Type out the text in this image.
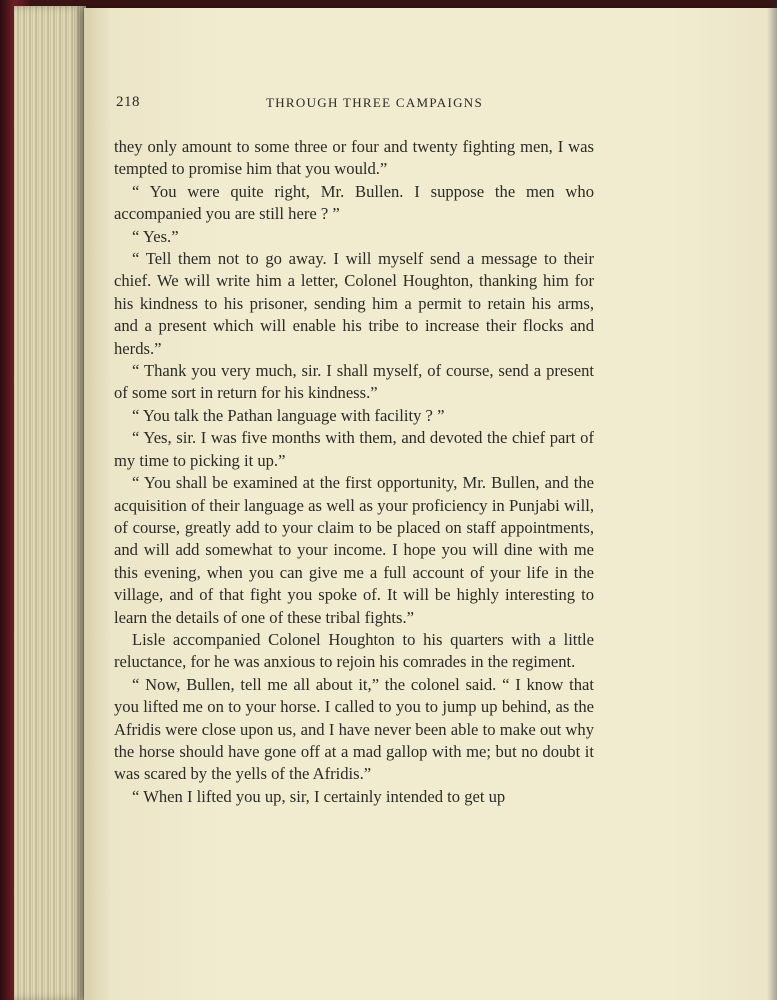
218	THROUGH THREE CAMPAIGNS

they only amount to some three or four and twenty fighting men, I was tempted to promise him that you would.”

“ You were quite right, Mr. Bullen. I suppose the men who accompanied you are still here ? ”

“ Yes.”

“ Tell them not to go away. I will myself send a message to their chief. We will write him a letter, Colonel Houghton, thanking him for his kindness to his prisoner, sending him a permit to retain his arms, and a present which will enable his tribe to increase their flocks and herds.”

“ Thank you very much, sir. I shall myself, of course, send a present of some sort in return for his kindness.”

“ You talk the Pathan language with facility ? ”

“ Yes, sir. I was five months with them, and devoted the chief part of my time to picking it up.”

“ You shall be examined at the first opportunity, Mr. Bullen, and the acquisition of their language as well as your proficiency in Punjabi will, of course, greatly add to your claim to be placed on staff appointments, and will add somewhat to your income. I hope you will dine with me this evening, when you can give me a full account of your life in the village, and of that fight you spoke of. It will be highly interesting to learn the details of one of these tribal fights.”

Lisle accompanied Colonel Houghton to his quarters with a little reluctance, for he was anxious to rejoin his comrades in the regiment.

“ Now, Bullen, tell me all about it,” the colonel said. “ I know that you lifted me on to your horse. I called to you to jump up behind, as the Afridis were close upon us, and I have never been able to make out why the horse should have gone off at a mad gallop with me; but no doubt it was scared by the yells of the Afridis.”

“ When I lifted you up, sir, I certainly intended to get up
